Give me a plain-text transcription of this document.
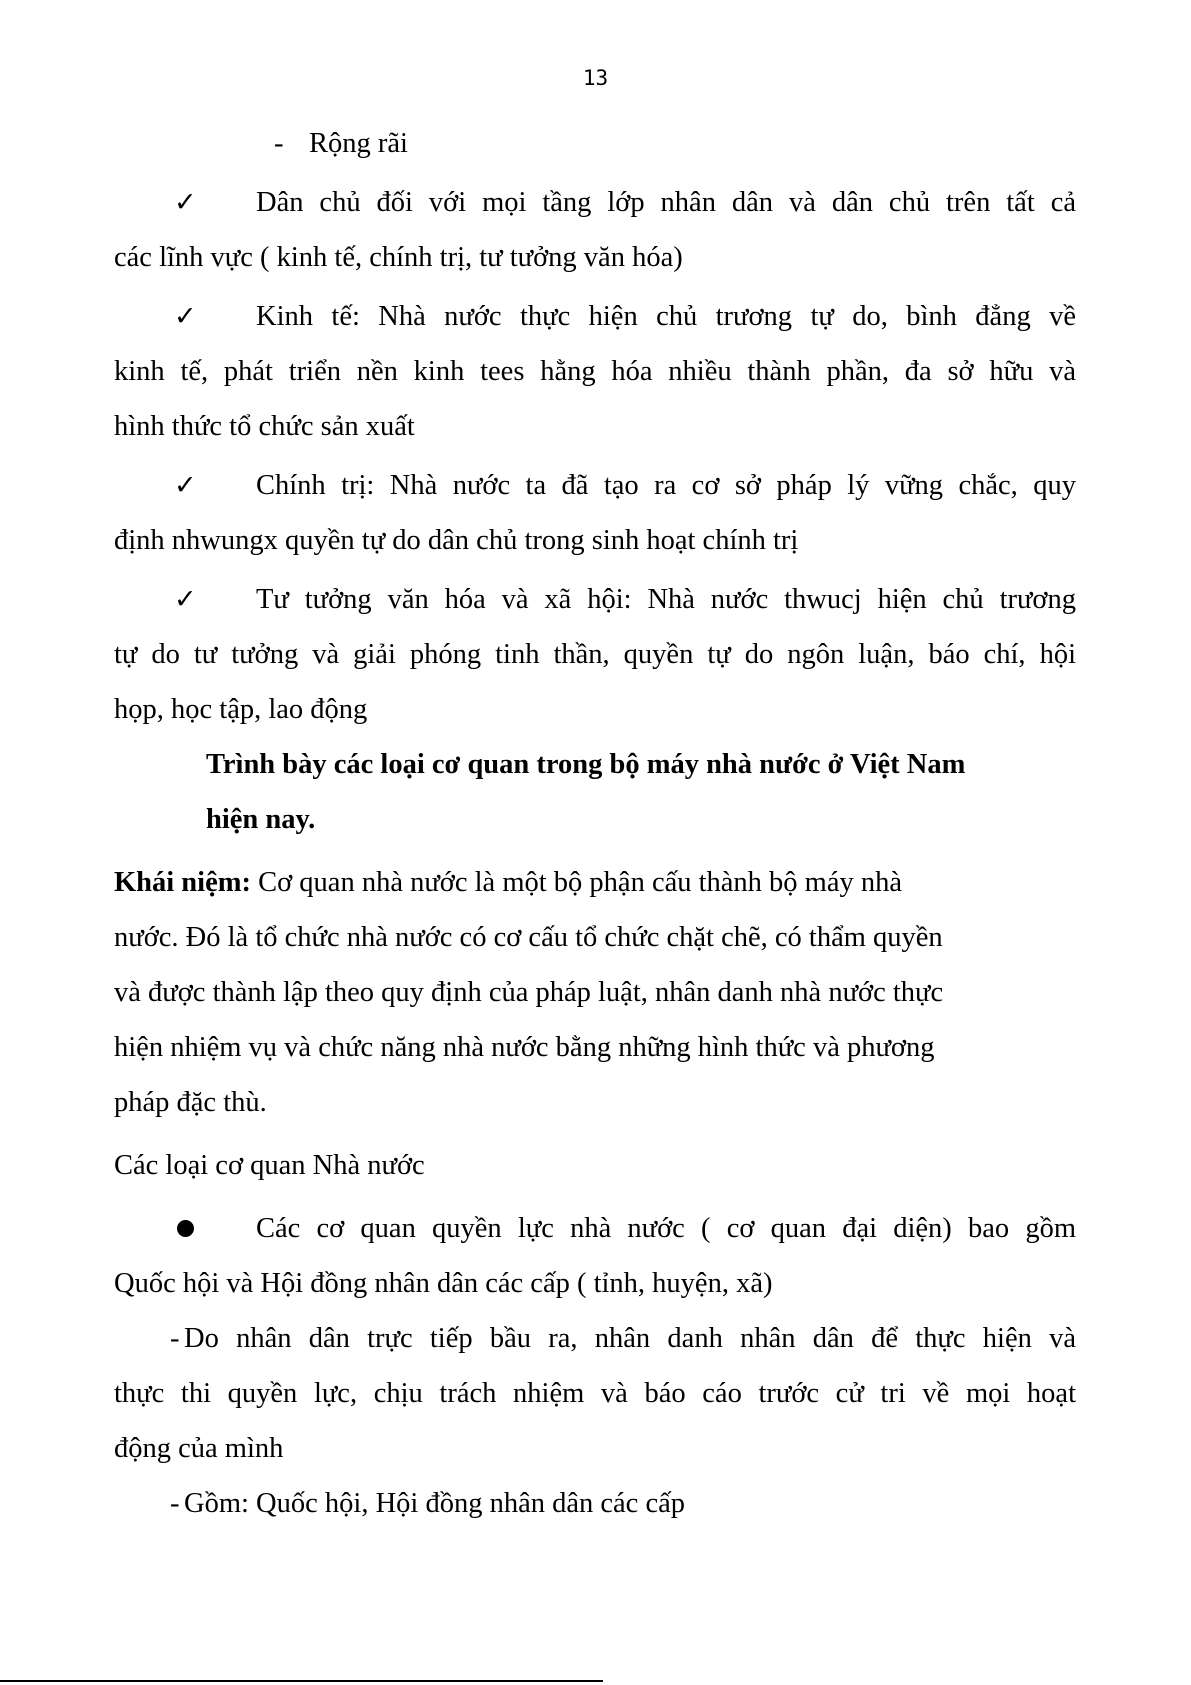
13
- Rộng rãi
✓	Dân chủ đối với mọi tầng lớp nhân dân và dân chủ trên tất cả

các lĩnh vực ( kinh tế, chính trị, tư tưởng văn hóa)

✓	Kinh tế: Nhà nước thực hiện chủ trương tự do, bình đẳng về

kinh tế, phát triển nền kinh tees hằng hóa nhiều thành phần, đa sở hữu và

hình thức tổ chức sản xuất

✓	Chính trị: Nhà nước ta đã tạo ra cơ sở pháp lý vững chắc, quy

định nhwungx quyền tự do dân chủ trong sinh hoạt chính trị

✓	Tư tưởng văn hóa và xã hội: Nhà nước thwucj hiện chủ trương

tự do tư tưởng và giải phóng tinh thần, quyền tự do ngôn luận, báo chí, hội

họp, học tập, lao động

Trình bày các loại cơ quan trong bộ máy nhà nước ở Việt Nam

hiện nay.

Khái niệm: Cơ quan nhà nước là một bộ phận cấu thành bộ máy nhà

nước. Đó là tổ chức nhà nước có cơ cấu tổ chức chặt chẽ, có thẩm quyền

và được thành lập theo quy định của pháp luật, nhân danh nhà nước thực

hiện nhiệm vụ và chức năng nhà nước bằng những hình thức và phương

pháp đặc thù.

Các loại cơ quan Nhà nước

Các cơ quan quyền lực nhà nước ( cơ quan đại diện) bao gồm

Quốc hội và Hội đồng nhân dân các cấp ( tỉnh, huyện, xã)

- Do nhân dân trực tiếp bầu ra, nhân danh nhân dân để thực hiện và

thực thi quyền lực, chịu trách nhiệm và báo cáo trước cử tri về mọi hoạt

động của mình

- Gồm: Quốc hội, Hội đồng nhân dân các cấp
